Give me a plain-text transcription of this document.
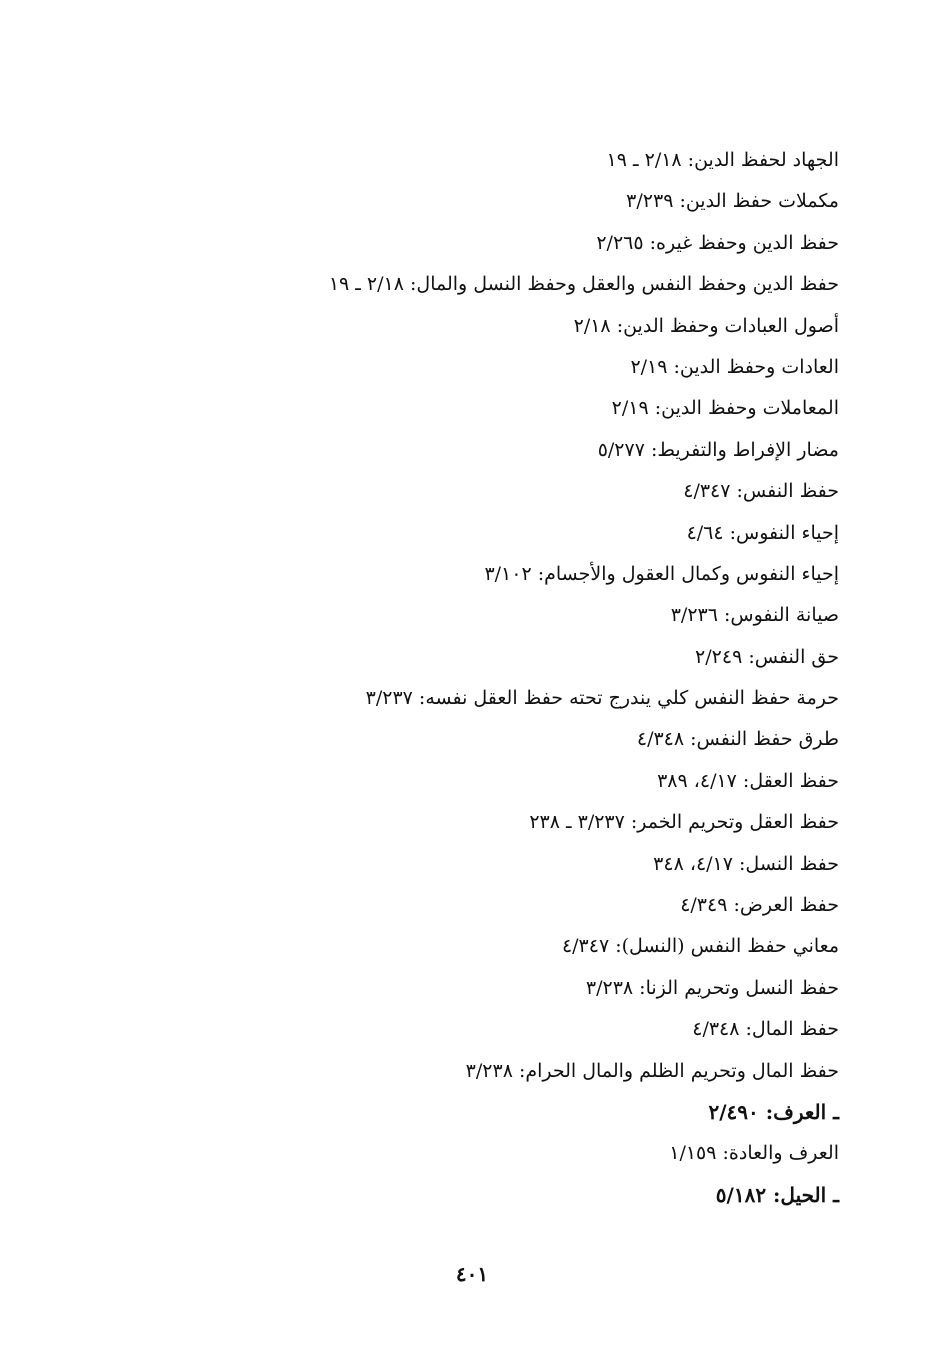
الجهاد لحفظ الدين: ٢/١٨ ـ ١٩
مكملات حفظ الدين: ٣/٢٣٩
حفظ الدين وحفظ غيره: ٢/٢٦٥
حفظ الدين وحفظ النفس والعقل وحفظ النسل والمال: ٢/١٨ ـ ١٩
أصول العبادات وحفظ الدين: ٢/١٨
العادات وحفظ الدين: ٢/١٩
المعاملات وحفظ الدين: ٢/١٩
مضار الإفراط والتفريط: ٥/٢٧٧
حفظ النفس: ٤/٣٤٧
إحياء النفوس: ٤/٦٤
إحياء النفوس وكمال العقول والأجسام: ٣/١٠٢
صيانة النفوس: ٣/٢٣٦
حق النفس: ٢/٢٤٩
حرمة حفظ النفس كلي يندرج تحته حفظ العقل نفسه: ٣/٢٣٧
طرق حفظ النفس: ٤/٣٤٨
حفظ العقل: ٤/١٧، ٣٨٩
حفظ العقل وتحريم الخمر: ٣/٢٣٧ ـ ٢٣٨
حفظ النسل: ٤/١٧، ٣٤٨
حفظ العرض: ٤/٣٤٩
معاني حفظ النفس (النسل): ٤/٣٤٧
حفظ النسل وتحريم الزنا: ٣/٢٣٨
حفظ المال: ٤/٣٤٨
حفظ المال وتحريم الظلم والمال الحرام: ٣/٢٣٨
ـ العرف: ٢/٤٩٠
العرف والعادة: ١/١٥٩
ـ الحيل: ٥/١٨٢
٤٠١
